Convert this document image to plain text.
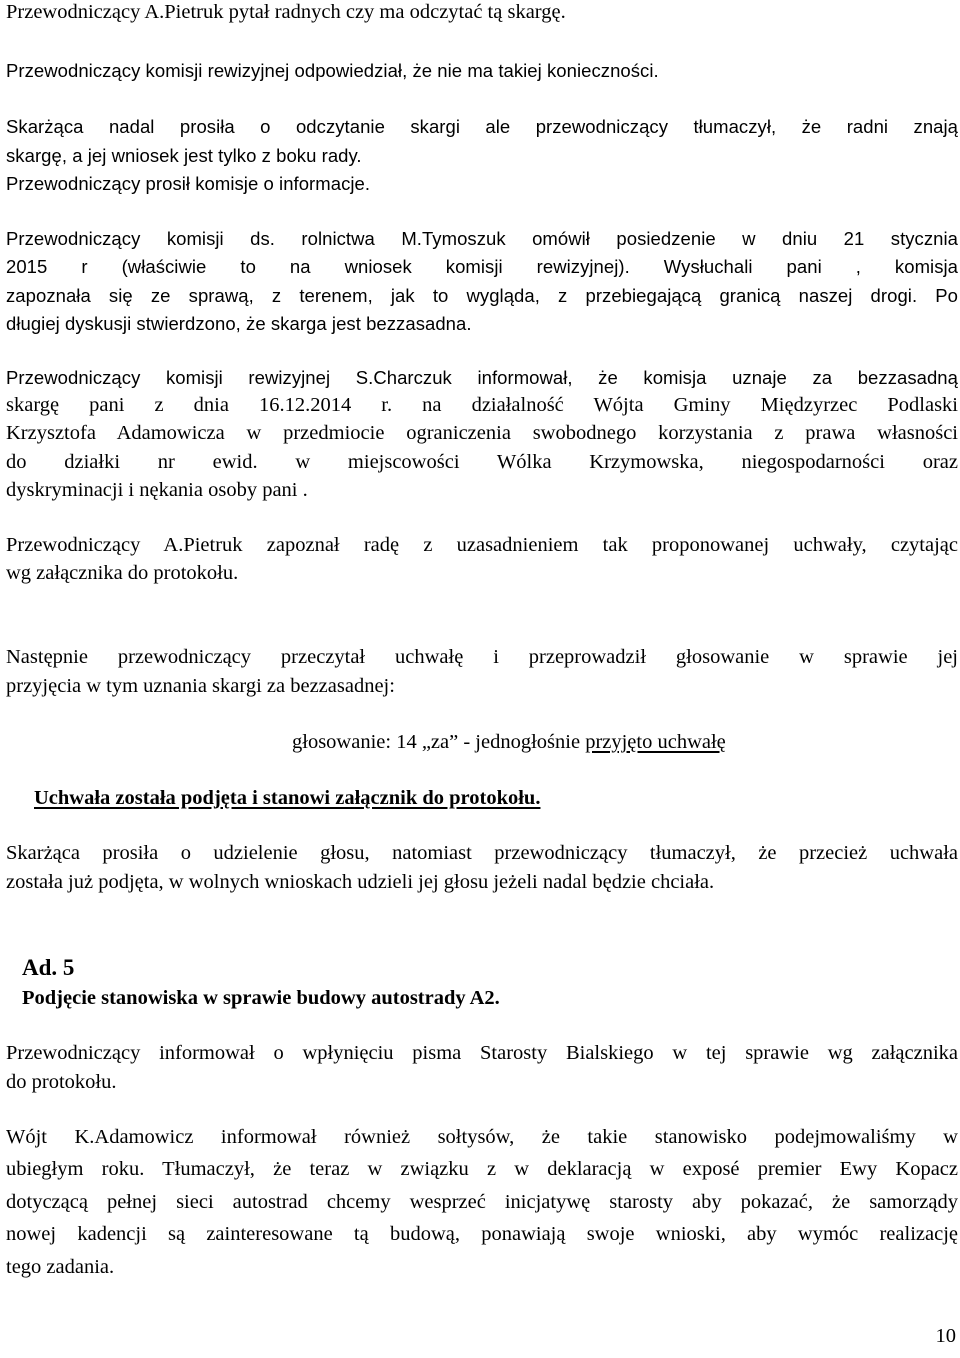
Przewodniczący A.Pietruk pytał radnych czy ma odczytać tą skargę.

Przewodniczący komisji rewizyjnej odpowiedział, że nie ma takiej konieczności.

Skarżąca nadal prosiła o odczytanie skargi ale przewodniczący tłumaczył, że radni znają

skargę, a jej wniosek jest tylko z boku rady.

Przewodniczący prosił komisje o informacje.

Przewodniczący komisji ds. rolnictwa M.Tymoszuk omówił posiedzenie w dniu 21 stycznia

2015 r (właściwie to na wniosek komisji rewizyjnej). Wysłuchali pani , komisja

zapoznała się ze sprawą, z terenem, jak to wygląda, z przebiegającą granicą naszej drogi. Po

długiej dyskusji stwierdzono, że skarga jest bezzasadna.

Przewodniczący komisji rewizyjnej S.Charczuk informował, że komisja uznaje za bezzasadną

skargę pani z dnia 16.12.2014 r. na działalność Wójta Gminy Międzyrzec Podlaski

Krzysztofa Adamowicza w przedmiocie ograniczenia swobodnego korzystania z prawa własności

do działki nr ewid. w miejscowości Wólka Krzymowska, niegospodarności oraz

dyskryminacji i nękania osoby pani .

Przewodniczący A.Pietruk zapoznał radę z uzasadnieniem tak proponowanej uchwały, czytając

wg załącznika do protokołu.

Następnie przewodniczący przeczytał uchwałę i przeprowadził głosowanie w sprawie jej

przyjęcia w tym uznania skargi za bezzasadnej:

głosowanie: 14 „za” - jednogłośnie przyjęto uchwałę

Uchwała została podjęta i stanowi załącznik do protokołu.

Skarżąca prosiła o udzielenie głosu, natomiast przewodniczący tłumaczył, że przecież uchwała

została już podjęta, w wolnych wnioskach udzieli jej głosu jeżeli nadal będzie chciała.

Ad. 5

Podjęcie stanowiska w sprawie budowy autostrady A2.

Przewodniczący informował o wpłynięciu pisma Starosty Bialskiego w tej sprawie wg załącznika

do protokołu.

Wójt K.Adamowicz informował również sołtysów, że takie stanowisko podejmowaliśmy w

ubiegłym roku. Tłumaczył, że teraz w związku z w deklaracją w exposé premier Ewy Kopacz

dotyczącą pełnej sieci autostrad chcemy wesprzeć inicjatywę starosty aby pokazać, że samorządy

nowej kadencji są zainteresowane tą budową, ponawiają swoje wnioski, aby wymóc realizację

tego zadania.

10
